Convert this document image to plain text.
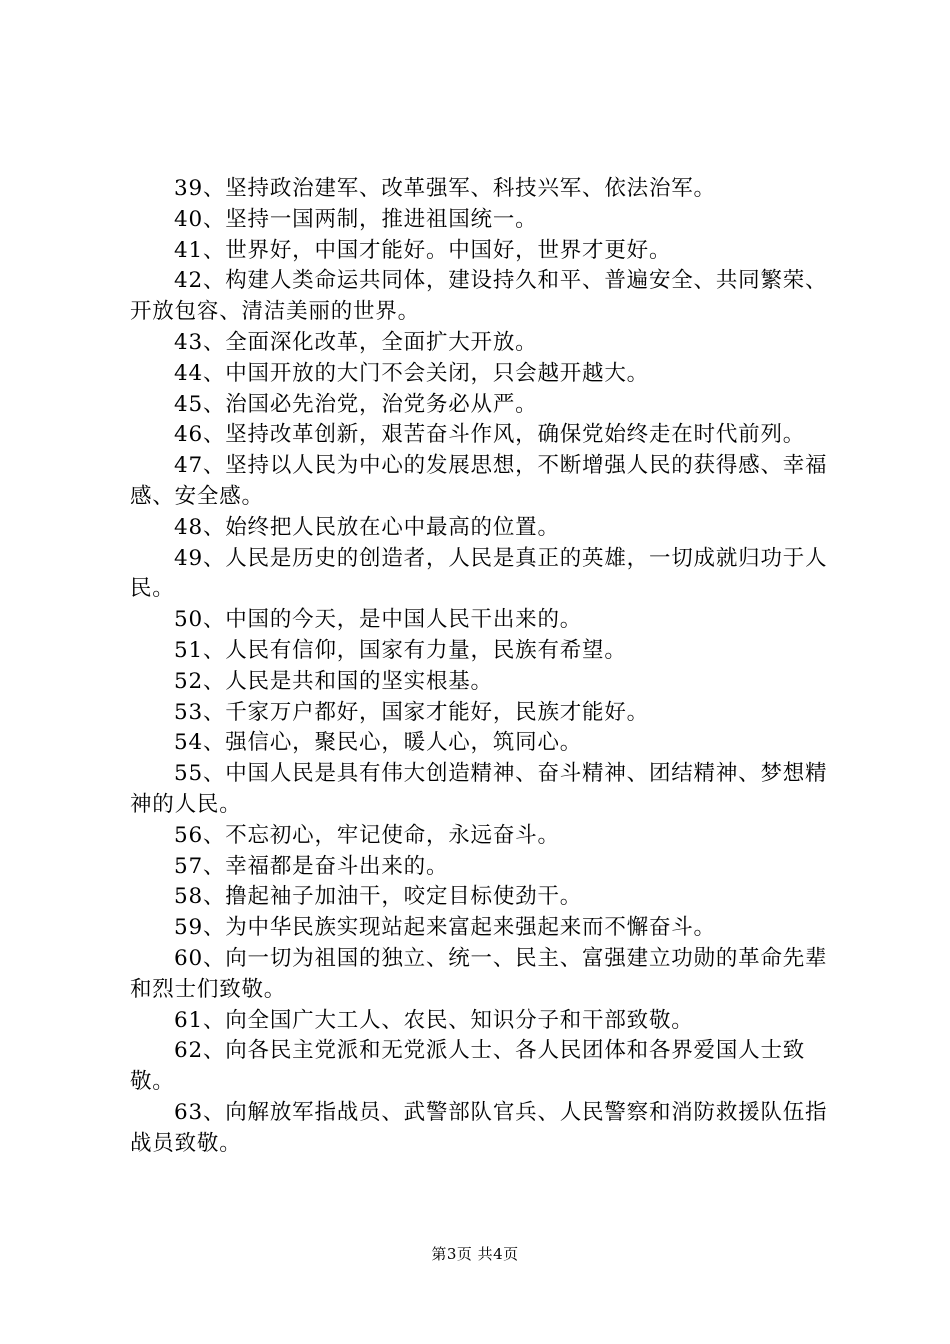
39、坚持政治建军、改革强军、科技兴军、依法治军。

40、坚持一国两制，推进祖国统一。

41、世界好，中国才能好。中国好，世界才更好。

42、构建人类命运共同体，建设持久和平、普遍安全、共同繁荣、开放包容、清洁美丽的世界。

43、全面深化改革，全面扩大开放。

44、中国开放的大门不会关闭，只会越开越大。

45、治国必先治党，治党务必从严。

46、坚持改革创新，艰苦奋斗作风，确保党始终走在时代前列。

47、坚持以人民为中心的发展思想，不断增强人民的获得感、幸福感、安全感。

48、始终把人民放在心中最高的位置。

49、人民是历史的创造者，人民是真正的英雄，一切成就归功于人民。

50、中国的今天，是中国人民干出来的。

51、人民有信仰，国家有力量，民族有希望。

52、人民是共和国的坚实根基。

53、千家万户都好，国家才能好，民族才能好。

54、强信心，聚民心，暖人心，筑同心。

55、中国人民是具有伟大创造精神、奋斗精神、团结精神、梦想精神的人民。

56、不忘初心，牢记使命，永远奋斗。

57、幸福都是奋斗出来的。

58、撸起袖子加油干，咬定目标使劲干。

59、为中华民族实现站起来富起来强起来而不懈奋斗。

60、向一切为祖国的独立、统一、民主、富强建立功勋的革命先辈和烈士们致敬。

61、向全国广大工人、农民、知识分子和干部致敬。

62、向各民主党派和无党派人士、各人民团体和各界爱国人士致敬。

63、向解放军指战员、武警部队官兵、人民警察和消防救援队伍指战员致敬。

第3页 共4页
